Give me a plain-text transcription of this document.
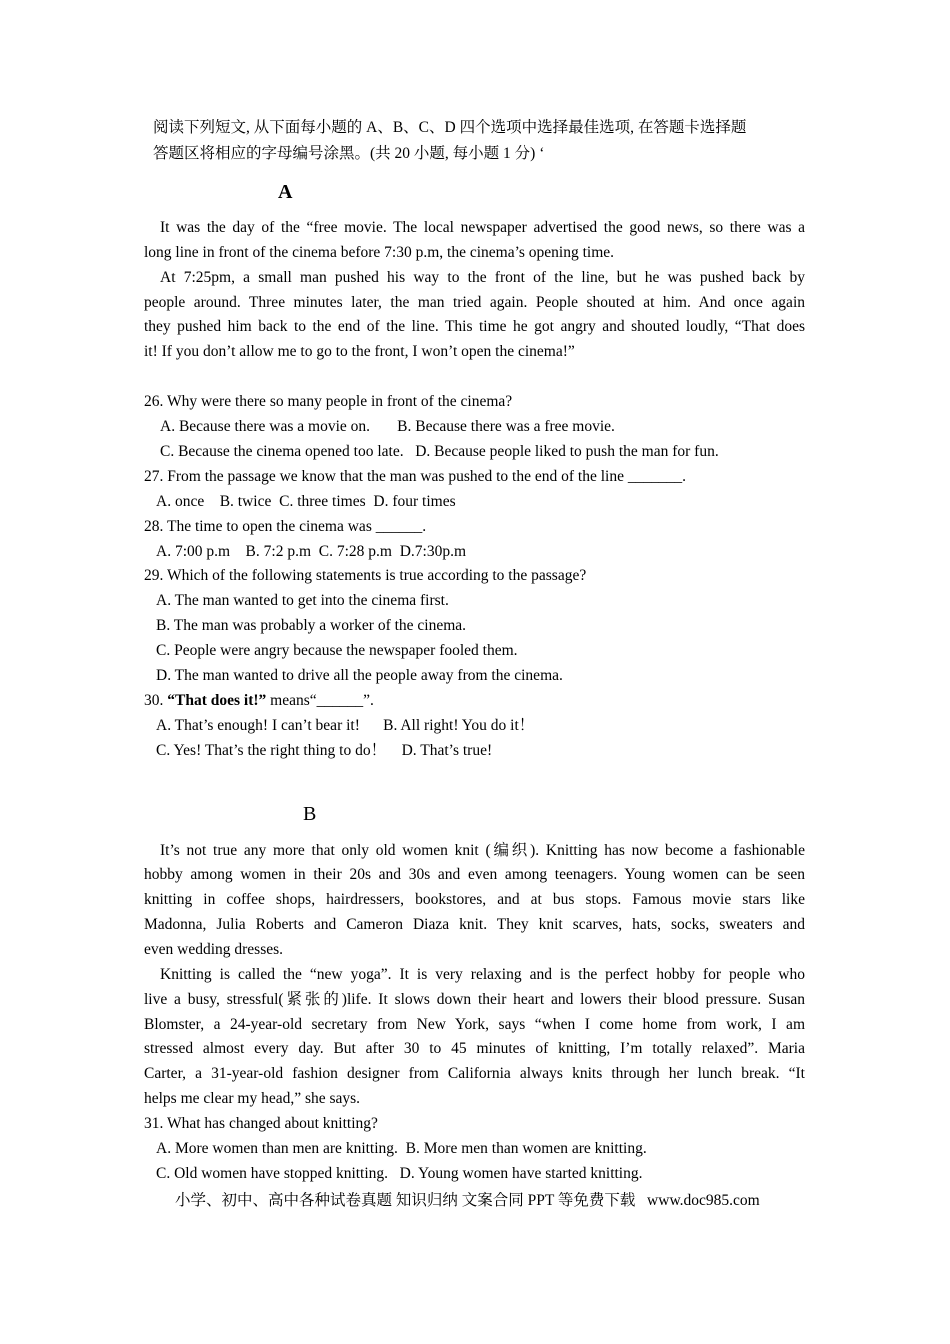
阅读下列短文, 从下面每小题的 A、B、C、D 四个选项中选择最佳选项, 在答题卡选择题
答题区将相应的字母编号涂黑。(共 20 小题, 每小题 1 分) ‘
A
It was the day of the “free movie. The local newspaper advertised the good news, so there was a
long line in front of the cinema before 7:30 p.m, the cinema’s opening time.
At 7:25pm, a small man pushed his way to the front of the line, but he was pushed back by
people around. Three minutes later, the man tried again. People shouted at him. And once again
they pushed him back to the end of the line. This time he got angry and shouted loudly, “That does
it! If you don’t allow me to go to the front, I won’t open the cinema!”
26. Why were there so many people in front of the cinema?
A. Because there was a movie on.       B. Because there was a free movie.
C. Because the cinema opened too late.   D. Because people liked to push the man for fun.
27. From the passage we know that the man was pushed to the end of the line _______.
A. once    B. twice  C. three times  D. four times
28. The time to open the cinema was ______.
A. 7:00 p.m    B. 7:2 p.m  C. 7:28 p.m  D.7:30p.m
29. Which of the following statements is true according to the passage?
A. The man wanted to get into the cinema first.
B. The man was probably a worker of the cinema.
C. People were angry because the newspaper fooled them.
D. The man wanted to drive all the people away from the cinema.
30. “That does it!” means“______”.
A. That’s enough! I can’t bear it!      B. All right! You do it！
C. Yes! That’s the right thing to do！    D. That’s true!
B
It’s not true any more that only old women knit (编织). Knitting has now become a fashionable
hobby among women in their 20s and 30s and even among teenagers. Young women can be seen
knitting in coffee shops, hairdressers, bookstores, and at bus stops. Famous movie stars like
Madonna, Julia Roberts and Cameron Diaza knit. They knit scarves, hats, socks, sweaters and
even wedding dresses.
Knitting is called the “new yoga”. It is very relaxing and is the perfect hobby for people who
live a busy, stressful(紧张的)life. It slows down their heart and lowers their blood pressure. Susan
Blomster, a 24-year-old secretary from New York, says “when I come home from work, I am
stressed almost every day. But after 30 to 45 minutes of knitting, I’m totally relaxed”. Maria
Carter, a 31-year-old fashion designer from California always knits through her lunch break. “It
helps me clear my head,” she says.
31. What has changed about knitting?
A. More women than men are knitting.  B. More men than women are knitting.
C. Old women have stopped knitting.   D. Young women have started knitting.
小学、初中、高中各种试卷真题 知识归纳 文案合同 PPT 等免费下载   www.doc985.com
